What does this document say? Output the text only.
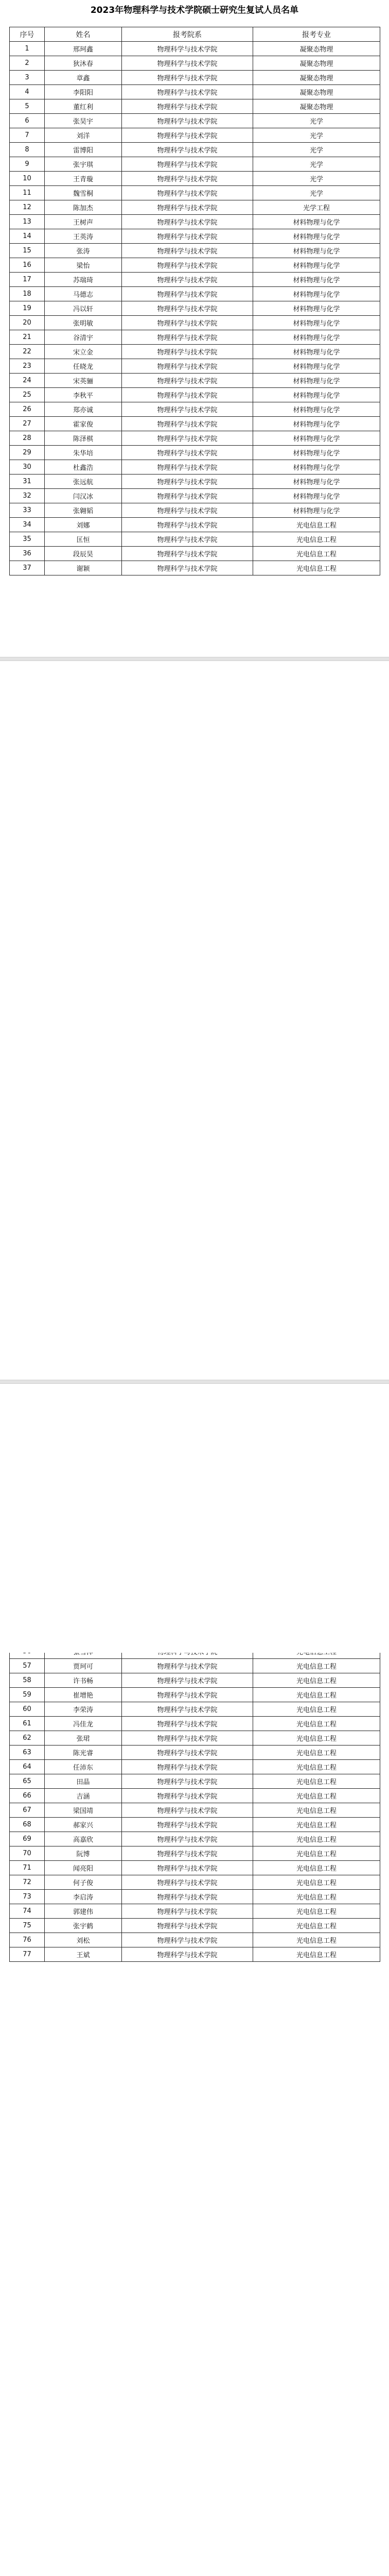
2023年物理科学与技术学院硕士研究生复试人员名单
序号	姓名	报考院系	报考专业
1	邢珂鑫	物理科学与技术学院	凝聚态物理
2	狄沐春	物理科学与技术学院	凝聚态物理
3	章鑫	物理科学与技术学院	凝聚态物理
4	李阳阳	物理科学与技术学院	凝聚态物理
5	董红利	物理科学与技术学院	凝聚态物理
6	张昊宇	物理科学与技术学院	光学
7	刘洋	物理科学与技术学院	光学
8	雷博阳	物理科学与技术学院	光学
9	张宇琪	物理科学与技术学院	光学
10	王青璇	物理科学与技术学院	光学
11	魏雪桐	物理科学与技术学院	光学
12	陈加杰	物理科学与技术学院	光学工程
13	王树声	物理科学与技术学院	材料物理与化学
14	王英涛	物理科学与技术学院	材料物理与化学
15	张涛	物理科学与技术学院	材料物理与化学
16	梁怡	物理科学与技术学院	材料物理与化学
17	苏瑞琦	物理科学与技术学院	材料物理与化学
18	马德志	物理科学与技术学院	材料物理与化学
19	冯以轩	物理科学与技术学院	材料物理与化学
20	张明敏	物理科学与技术学院	材料物理与化学
21	谷清宇	物理科学与技术学院	材料物理与化学
22	宋立金	物理科学与技术学院	材料物理与化学
23	任晓龙	物理科学与技术学院	材料物理与化学
24	宋英骊	物理科学与技术学院	材料物理与化学
25	李秋平	物理科学与技术学院	材料物理与化学
26	郑亦诚	物理科学与技术学院	材料物理与化学
27	霍家俊	物理科学与技术学院	材料物理与化学
28	陈泽棋	物理科学与技术学院	材料物理与化学
29	朱华培	物理科学与技术学院	材料物理与化学
30	杜鑫浩	物理科学与技术学院	材料物理与化学
31	张远航	物理科学与技术学院	材料物理与化学
32	闫汉冰	物理科学与技术学院	材料物理与化学
33	张翱韬	物理科学与技术学院	材料物理与化学
34	刘娜	物理科学与技术学院	光电信息工程
35	匡恒	物理科学与技术学院	光电信息工程
36	段辰昊	物理科学与技术学院	光电信息工程
37	谢颖	物理科学与技术学院	光电信息工程

57	贾珂可	物理科学与技术学院	光电信息工程
58	许书畅	物理科学与技术学院	光电信息工程
59	崔增艳	物理科学与技术学院	光电信息工程
60	李荣涛	物理科学与技术学院	光电信息工程
61	冯佳龙	物理科学与技术学院	光电信息工程
62	张珺	物理科学与技术学院	光电信息工程
63	陈光睿	物理科学与技术学院	光电信息工程
64	任沛东	物理科学与技术学院	光电信息工程
65	田晶	物理科学与技术学院	光电信息工程
66	吉涵	物理科学与技术学院	光电信息工程
67	梁国靖	物理科学与技术学院	光电信息工程
68	郝家兴	物理科学与技术学院	光电信息工程
69	高嘉欣	物理科学与技术学院	光电信息工程
70	阮博	物理科学与技术学院	光电信息工程
71	闻亮阳	物理科学与技术学院	光电信息工程
72	何子俊	物理科学与技术学院	光电信息工程
73	李启涛	物理科学与技术学院	光电信息工程
74	郭建伟	物理科学与技术学院	光电信息工程
75	张宇鹤	物理科学与技术学院	光电信息工程
76	刘松	物理科学与技术学院	光电信息工程
77	王斌	物理科学与技术学院	光电信息工程
